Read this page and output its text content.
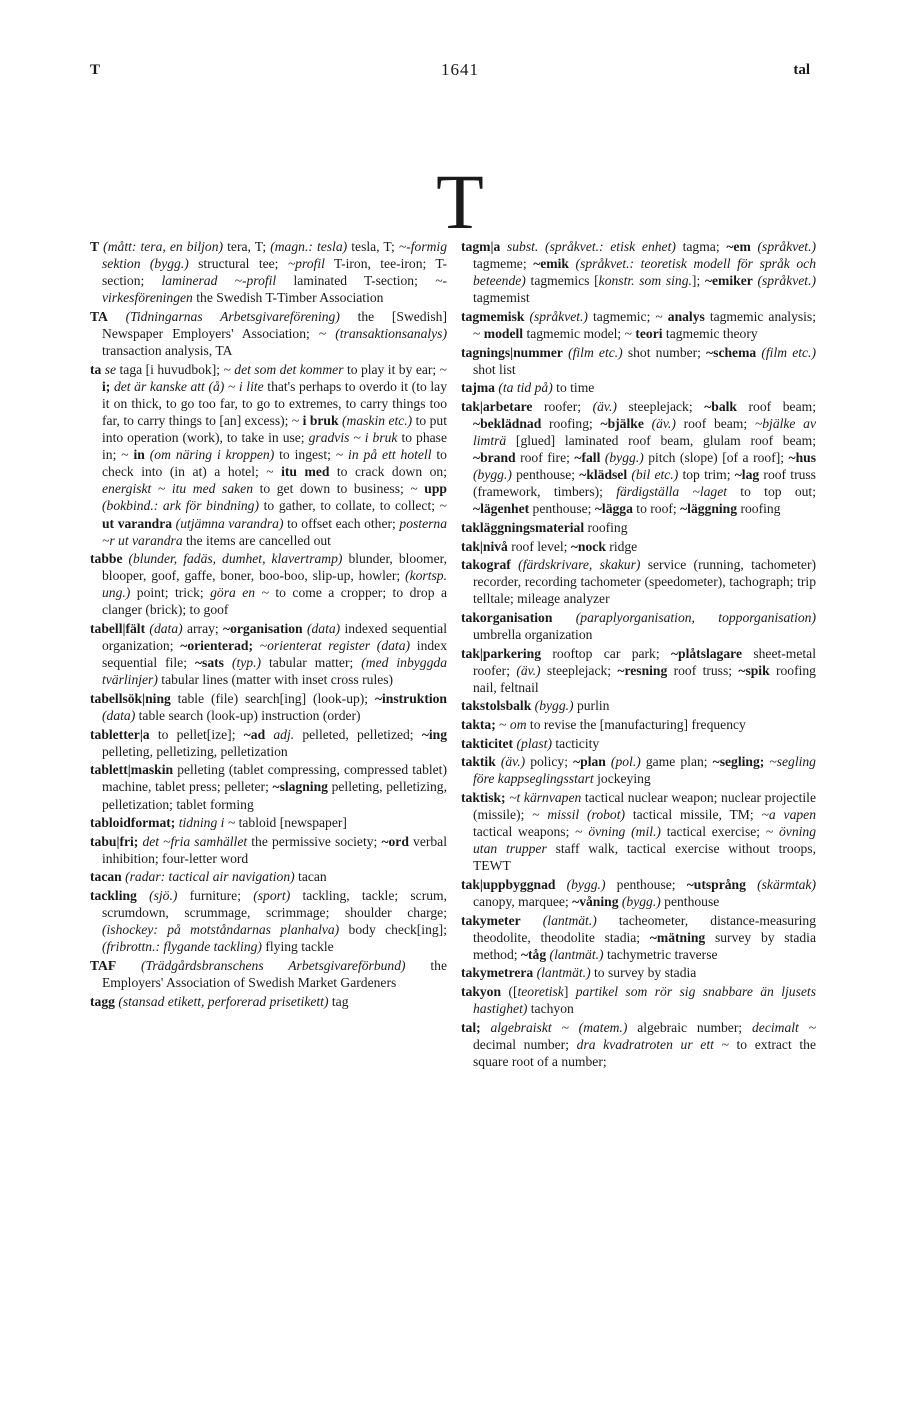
T	1641	tal
T
T (mått: tera, en biljon) tera, T; (magn.: tesla) tesla, T; ~-formig sektion (bygg.) structural tee; ~profil T-iron, tee-iron; T-section; laminerad ~-profil laminated T-section; ~-virkesföreningen the Swedish T-Timber Association
TA (Tidningarnas Arbetsgivareförening) the [Swedish] Newspaper Employers' Association; ~ (transaktionsanalys) transaction analysis, TA
ta se taga [i huvudbok]; ~ det som det kommer to play it by ear; ~ i; det är kanske att (å) ~ i lite that's perhaps to overdo it (to lay it on thick, to go too far, to go to extremes, to carry things too far, to carry things to [an] excess); ~ i bruk (maskin etc.) to put into operation (work), to take in use; gradvis ~ i bruk to phase in; ~ in (om näring i kroppen) to ingest; ~ in på ett hotell to check into (in at) a hotel; ~ itu med to crack down on; energiskt ~ itu med saken to get down to business; ~ upp (bokbind.: ark för bindning) to gather, to collate, to collect; ~ ut varandra (utjämna varandra) to offset each other; posterna ~r ut varandra the items are cancelled out
tabbe (blunder, fadäs, dumhet, klavertramp) blunder, bloomer, blooper, goof, gaffe, boner, boo-boo, slip-up, howler; (kortsp. ung.) point; trick; göra en ~ to come a cropper; to drop a clanger (brick); to goof
tabell|fält (data) array; ~organisation (data) indexed sequential organization; ~orienterad; ~orienterat register (data) index sequential file; ~sats (typ.) tabular matter; (med inbyggda tvärlinjer) tabular lines (matter with inset cross rules)
tabellsök|ning table (file) search[ing] (look-up); ~instruktion (data) table search (look-up) instruction (order)
tabletter|a to pellet[ize]; ~ad adj. pelleted, pelletized; ~ing pelleting, pelletizing, pelletization
tablett|maskin pelleting (tablet compressing, compressed tablet) machine, tablet press; pelleter; ~slagning pelleting, pelletizing, pelletization; tablet forming
tabloidformat; tidning i ~ tabloid [newspaper]
tabu|fri; det ~fria samhället the permissive society; ~ord verbal inhibition; four-letter word
tacan (radar: tactical air navigation) tacan
tackling (sjö.) furniture; (sport) tackling, tackle; scrum, scrumdown, scrummage, scrimmage; shoulder charge; (ishockey: på motståndarnas planhalva) body check[ing]; (fribrottn.: flygande tackling) flying tackle
TAF (Trädgårdsbranschens Arbetsgivareförbund) the Employers' Association of Swedish Market Gardeners
tagg (stansad etikett, perforerad prisetikett) tag
tagm|a subst. (språkvet.: etisk enhet) tagma; ~em (språkvet.) tagmeme; ~emik (språkvet.: teoretisk modell för språk och beteende) tagmemics [konstr. som sing.]; ~emiker (språkvet.) tagmemist
tagmemisk (språkvet.) tagmemic; ~ analys tagmemic analysis; ~ modell tagmemic model; ~ teori tagmemic theory
tagnings|nummer (film etc.) shot number; ~schema (film etc.) shot list
tajma (ta tid på) to time
tak|arbetare roofer; (äv.) steeplejack; ~balk roof beam; ~beklädnad roofing; ~bjälke (äv.) roof beam; ~bjälke av limträ [glued] laminated roof beam, glulam roof beam; ~brand roof fire; ~fall (bygg.) pitch (slope) [of a roof]; ~hus (bygg.) penthouse; ~klädsel (bil etc.) top trim; ~lag roof truss (framework, timbers); färdigställa ~laget to top out; ~lägenhet penthouse; ~lägga to roof; ~läggning roofing
takläggningsmaterial roofing
tak|nivå roof level; ~nock ridge
takograf (färdskrivare, skakur) service (running, tachometer) recorder, recording tachometer (speedometer), tachograph; trip telltale; mileage analyzer
takorganisation (paraplyorganisation, topporganisation) umbrella organization
tak|parkering rooftop car park; ~plåtslagare sheet-metal roofer; (äv.) steeplejack; ~resning roof truss; ~spik roofing nail, feltnail
takstolsbalk (bygg.) purlin
takta; ~ om to revise the [manufacturing] frequency
takticitet (plast) tacticity
taktik (äv.) policy; ~plan (pol.) game plan; ~segling; ~segling före kappseglingsstart jockeying
taktisk; ~t kärnvapen tactical nuclear weapon; nuclear projectile (missile); ~ missil (robot) tactical missile, TM; ~a vapen tactical weapons; ~ övning (mil.) tactical exercise; ~ övning utan trupper staff walk, tactical exercise without troops, TEWT
tak|uppbyggnad (bygg.) penthouse; ~utsprång (skärmtak) canopy, marquee; ~våning (bygg.) penthouse
takymeter (lantmät.) tacheometer, distance-measuring theodolite, theodolite stadia; ~mätning survey by stadia method; ~tåg (lantmät.) tachymetric traverse
takymetrera (lantmät.) to survey by stadia
takyon ([teoretisk] partikel som rör sig snabbare än ljusets hastighet) tachyon
tal; algebraiskt ~ (matem.) algebraic number; decimalt ~ decimal number; dra kvadratroten ur ett ~ to extract the square root of a number;
